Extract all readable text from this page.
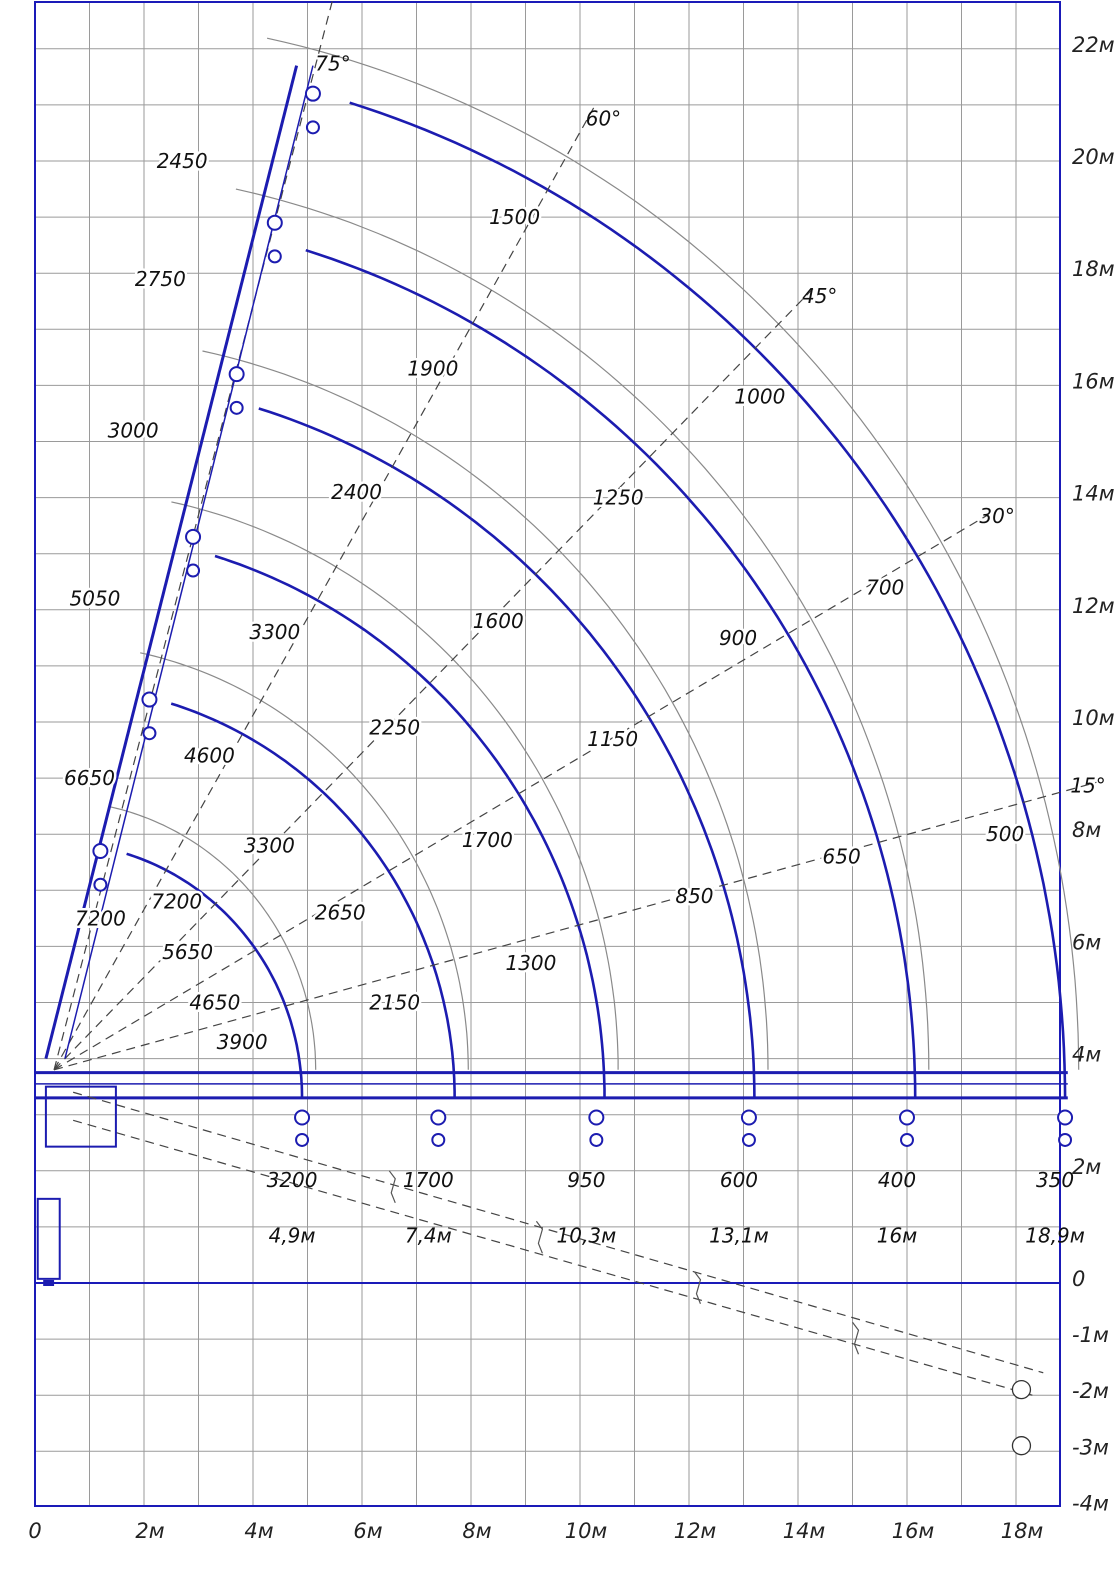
0	2м	4м	6м	8м	10м	12м	14м	16м	18м
22м
20м
18м
16м
14м
12м
10м
8м
6м
4м
2м
0
-1м
-2м
-3м
-4м
75°
60°
45°
30°
15°
3200	1700	950	600	400	350
4,9м	7,4м	10,3м	13,1м	16м	18,9м
2450
1500
1000
700
500
2750
1900
1250
900
650
3000
2400
1600
1150
850
5050
3300
2250
1700
1300
6650
4600
3300
2650
2150
7200
7200
5650
4650
3900
